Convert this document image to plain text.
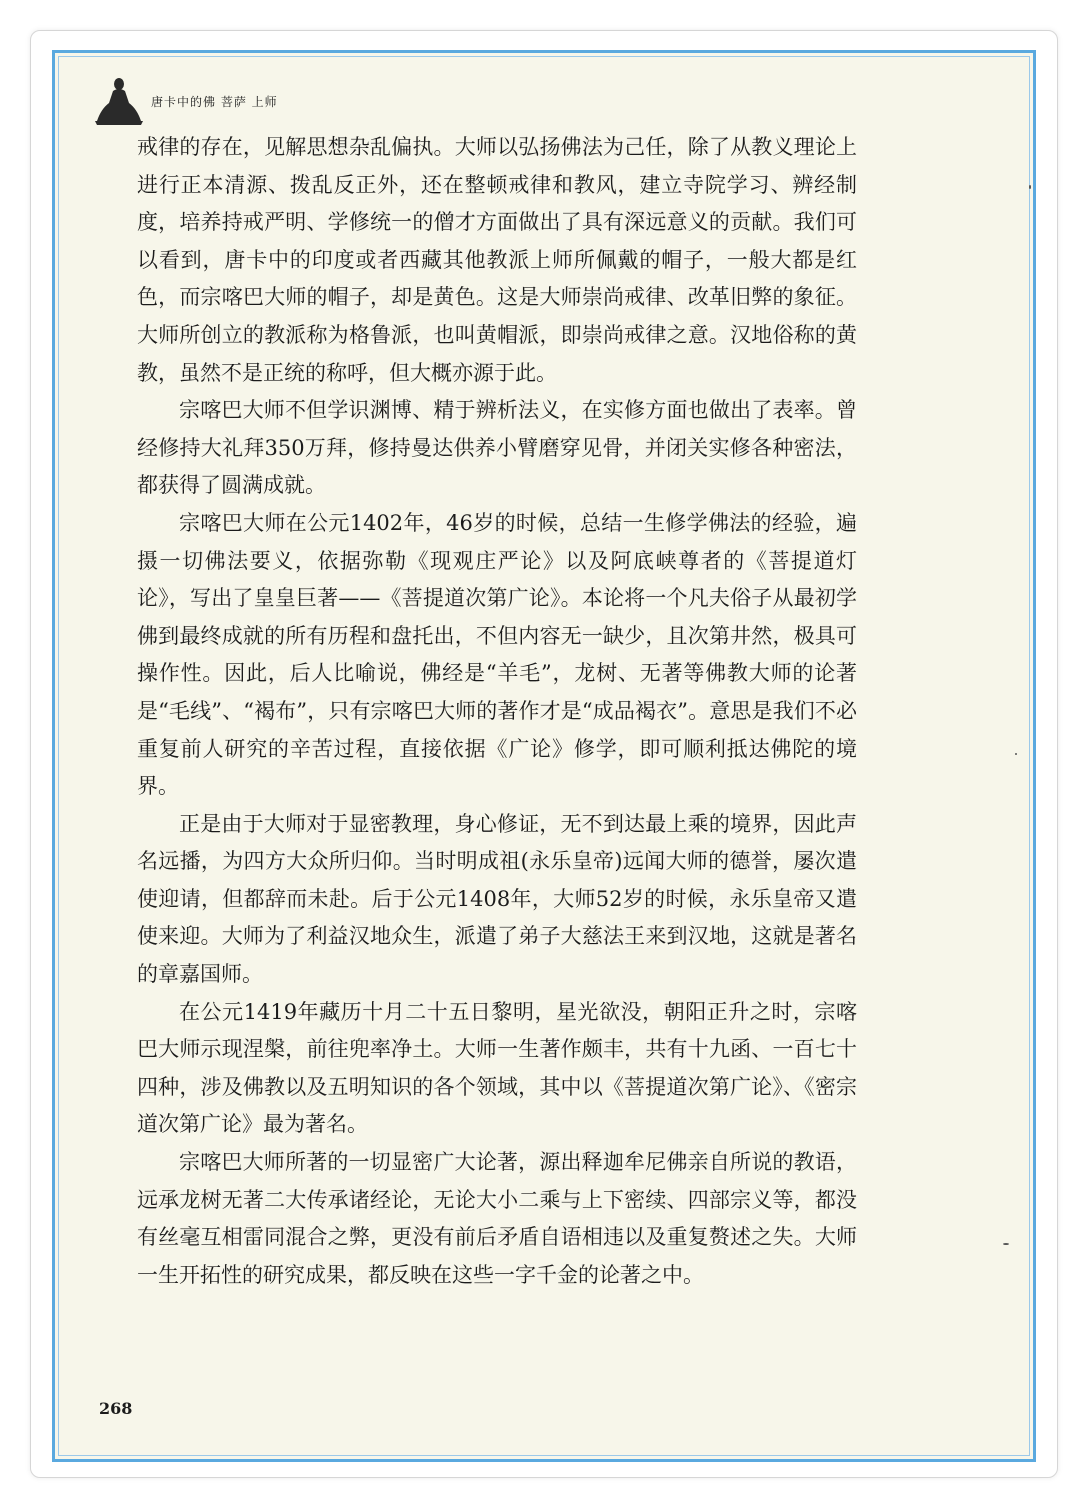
唐卡中的佛 菩萨 上师

戒律的存在，见解思想杂乱偏执。大师以弘扬佛法为己任，除了从教义理论上进行正本清源、拨乱反正外，还在整顿戒律和教风，建立寺院学习、辨经制度，培养持戒严明、学修统一的僧才方面做出了具有深远意义的贡献。我们可以看到，唐卡中的印度或者西藏其他教派上师所佩戴的帽子，一般大都是红色，而宗喀巴大师的帽子，却是黄色。这是大师崇尚戒律、改革旧弊的象征。大师所创立的教派称为格鲁派，也叫黄帽派，即崇尚戒律之意。汉地俗称的黄教，虽然不是正统的称呼，但大概亦源于此。

宗喀巴大师不但学识渊博、精于辨析法义，在实修方面也做出了表率。曾经修持大礼拜350万拜，修持曼达供养小臂磨穿见骨，并闭关实修各种密法，都获得了圆满成就。

宗喀巴大师在公元1402年，46岁的时候，总结一生修学佛法的经验，遍摄一切佛法要义，依据弥勒《现观庄严论》以及阿底峡尊者的《菩提道灯论》，写出了皇皇巨著——《菩提道次第广论》。本论将一个凡夫俗子从最初学佛到最终成就的所有历程和盘托出，不但内容无一缺少，且次第井然，极具可操作性。因此，后人比喻说，佛经是“羊毛”，龙树、无著等佛教大师的论著是“毛线”、“褐布”，只有宗喀巴大师的著作才是“成品褐衣”。意思是我们不必重复前人研究的辛苦过程，直接依据《广论》修学，即可顺利抵达佛陀的境界。

正是由于大师对于显密教理，身心修证，无不到达最上乘的境界，因此声名远播，为四方大众所归仰。当时明成祖(永乐皇帝)远闻大师的德誉，屡次遣使迎请，但都辞而未赴。后于公元1408年，大师52岁的时候，永乐皇帝又遣使来迎。大师为了利益汉地众生，派遣了弟子大慈法王来到汉地，这就是著名的章嘉国师。

在公元1419年藏历十月二十五日黎明，星光欲没，朝阳正升之时，宗喀巴大师示现涅槃，前往兜率净土。大师一生著作颇丰，共有十九函、一百七十四种，涉及佛教以及五明知识的各个领域，其中以《菩提道次第广论》、《密宗道次第广论》最为著名。

宗喀巴大师所著的一切显密广大论著，源出释迦牟尼佛亲自所说的教语，远承龙树无著二大传承诸经论，无论大小二乘与上下密续、四部宗义等，都没有丝毫互相雷同混合之弊，更没有前后矛盾自语相违以及重复赘述之失。大师一生开拓性的研究成果，都反映在这些一字千金的论著之中。

268
